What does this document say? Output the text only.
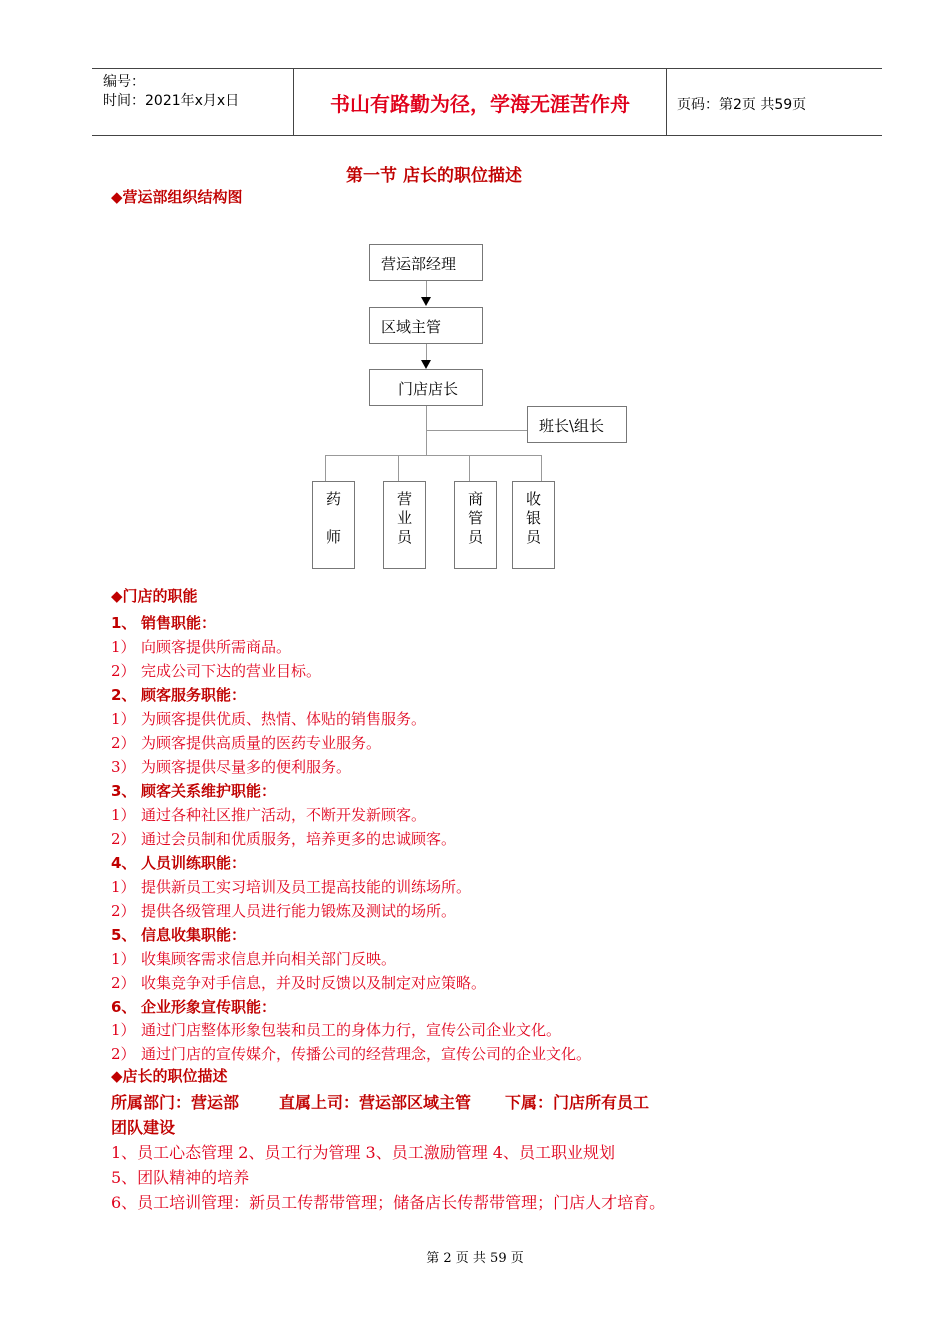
编号：
时间：2021年x月x日	书山有路勤为径，学海无涯苦作舟	页码：第2页 共59页
第一节 店长的职位描述
◆营运部组织结构图
营运部经理
区域主管
门店店长
班长\组长
药

师
营
业
员
商
管
员
收
银
员
◆门店的职能
1、 销售职能：
1） 向顾客提供所需商品。
2） 完成公司下达的营业目标。
2、 顾客服务职能：
1） 为顾客提供优质、热情、体贴的销售服务。
2） 为顾客提供高质量的医药专业服务。
3） 为顾客提供尽量多的便利服务。
3、 顾客关系维护职能：
1） 通过各种社区推广活动，不断开发新顾客。
2） 通过会员制和优质服务，培养更多的忠诚顾客。
4、 人员训练职能：
1） 提供新员工实习培训及员工提高技能的训练场所。
2） 提供各级管理人员进行能力锻炼及测试的场所。
5、 信息收集职能：
1） 收集顾客需求信息并向相关部门反映。
2） 收集竞争对手信息，并及时反馈以及制定对应策略。
6、 企业形象宣传职能：
1） 通过门店整体形象包装和员工的身体力行，宣传公司企业文化。
2） 通过门店的宣传媒介，传播公司的经营理念，宣传公司的企业文化。
◆店长的职位描述
所属部门：营运部 直属上司：营运部区域主管 下属：门店所有员工
团队建设
1、员工心态管理 2、员工行为管理 3、员工激励管理 4、员工职业规划
5、团队精神的培养
6、员工培训管理：新员工传帮带管理；储备店长传帮带管理；门店人才培育。
第 2 页 共 59 页
